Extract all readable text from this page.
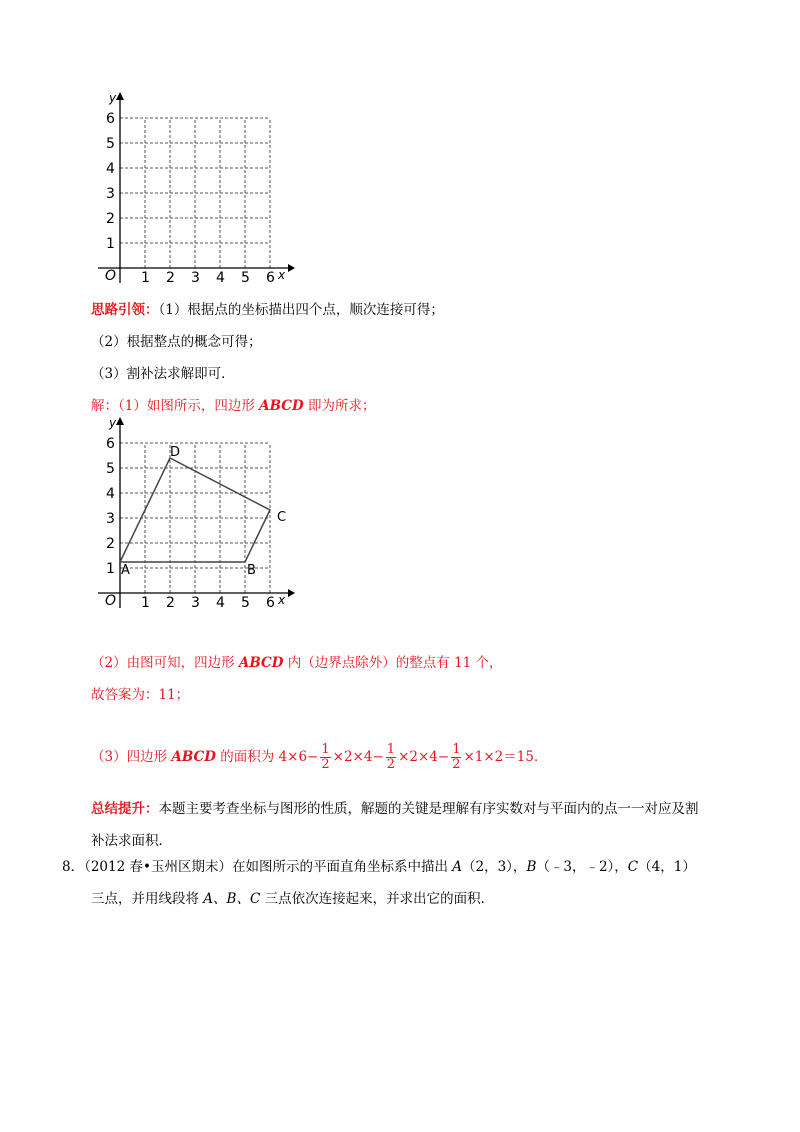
1 2 3 4 5 6
1
2
3
4
5
6
y
x
O
思路引领：（1）根据点的坐标描出四个点，顺次连接可得；
（2）根据整点的概念可得；
（3）割补法求解即可．
解：（1）如图所示，四边形 ABCD 即为所求；
1 2 3 4 5 6
1
2
3
4
5
6
A	B
C
D
y
x
O
（2）由图可知，四边形 ABCD 内（边界点除外）的整点有 11 个，
故答案为：11；
（3）四边形 ABCD 的面积为 $4\times 6- \frac{1}{2} \times 2\times 4- \frac{1}{2} \times 2\times 4- \frac{1}{2} \times 1\times 2=15$．
总结提升：本题主要考查坐标与图形的性质，解题的关键是理解有序实数对与平面内的点一一对应及割
补法求面积．
8．（2012 春•玉州区期末）在如图所示的平面直角坐标系中描出 A（2，3），B（﹣3，﹣2），C（4，1）
三点，并用线段将 A、B、C 三点依次连接起来，并求出它的面积．
